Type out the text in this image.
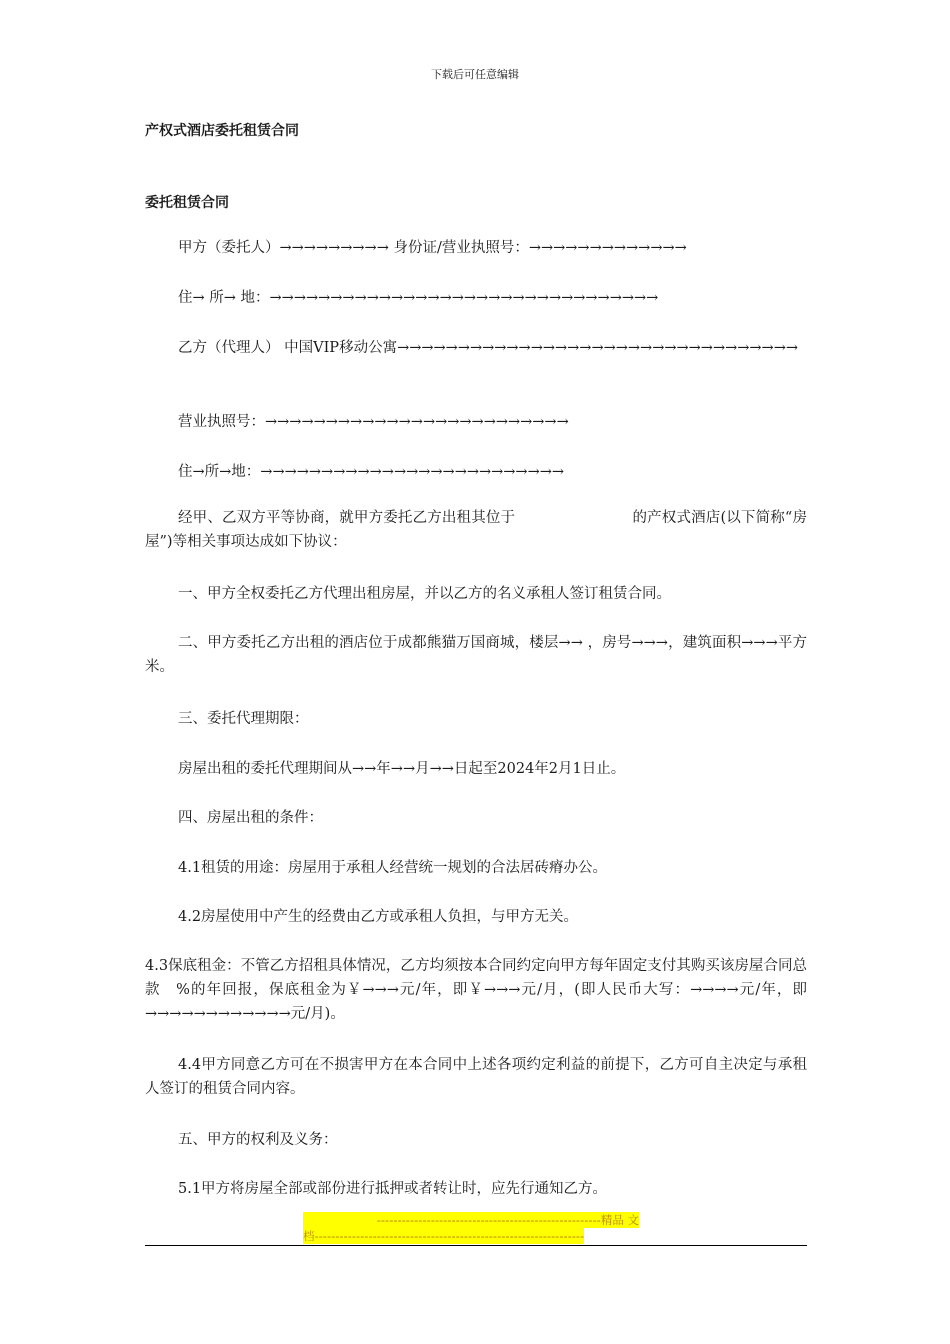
下载后可任意编辑
产权式酒店委托租赁合同
委托租赁合同
甲方（委托人）→→→→→→→→→ 身份证/营业执照号：→→→→→→→→→→→→→
住→ 所→ 地：→→→→→→→→→→→→→→→→→→→→→→→→→→→→→→→→
乙方（代理人） 中国VIP移动公寓→→→→→→→→→→→→→→→→→→→→→→→→→→→→→→→→→
营业执照号：→→→→→→→→→→→→→→→→→→→→→→→→→
住→所→地：→→→→→→→→→→→→→→→→→→→→→→→→→
经甲、乙双方平等协商，就甲方委托乙方出租其位于　　　　　　　　的产权式酒店(以下简称“房屋”)等相关事项达成如下协议：
一、甲方全权委托乙方代理出租房屋，并以乙方的名义承租人签订租赁合同。
二、甲方委托乙方出租的酒店位于成都熊猫万国商城，楼层→→ ，房号→→→，建筑面积→→→平方米。
三、委托代理期限：
房屋出租的委托代理期间从→→年→→月→→日起至2024年2月1日止。
四、房屋出租的条件：
4.1租赁的用途：房屋用于承租人经营统一规划的合法居砖瘠办公。
4.2房屋使用中产生的经费由乙方或承租人负担，与甲方无关。
4.3保底租金：不管乙方招租具体情况，乙方均须按本合同约定向甲方每年固定支付其购买该房屋合同总款　%的年回报，保底租金为￥→→→元/年，即￥→→→元/月，(即人民币大写：→→→→元/年，即→→→→→→→→→→→→元/月)。
4.4甲方同意乙方可在不损害甲方在本合同中上述各项约定利益的前提下，乙方可自主决定与承租人签订的租赁合同内容。
五、甲方的权利及义务：
5.1甲方将房屋全部或部份进行抵押或者转让时，应先行通知乙方。
------------------------------------------------------精品 文
档-----------------------------------------------------------------
